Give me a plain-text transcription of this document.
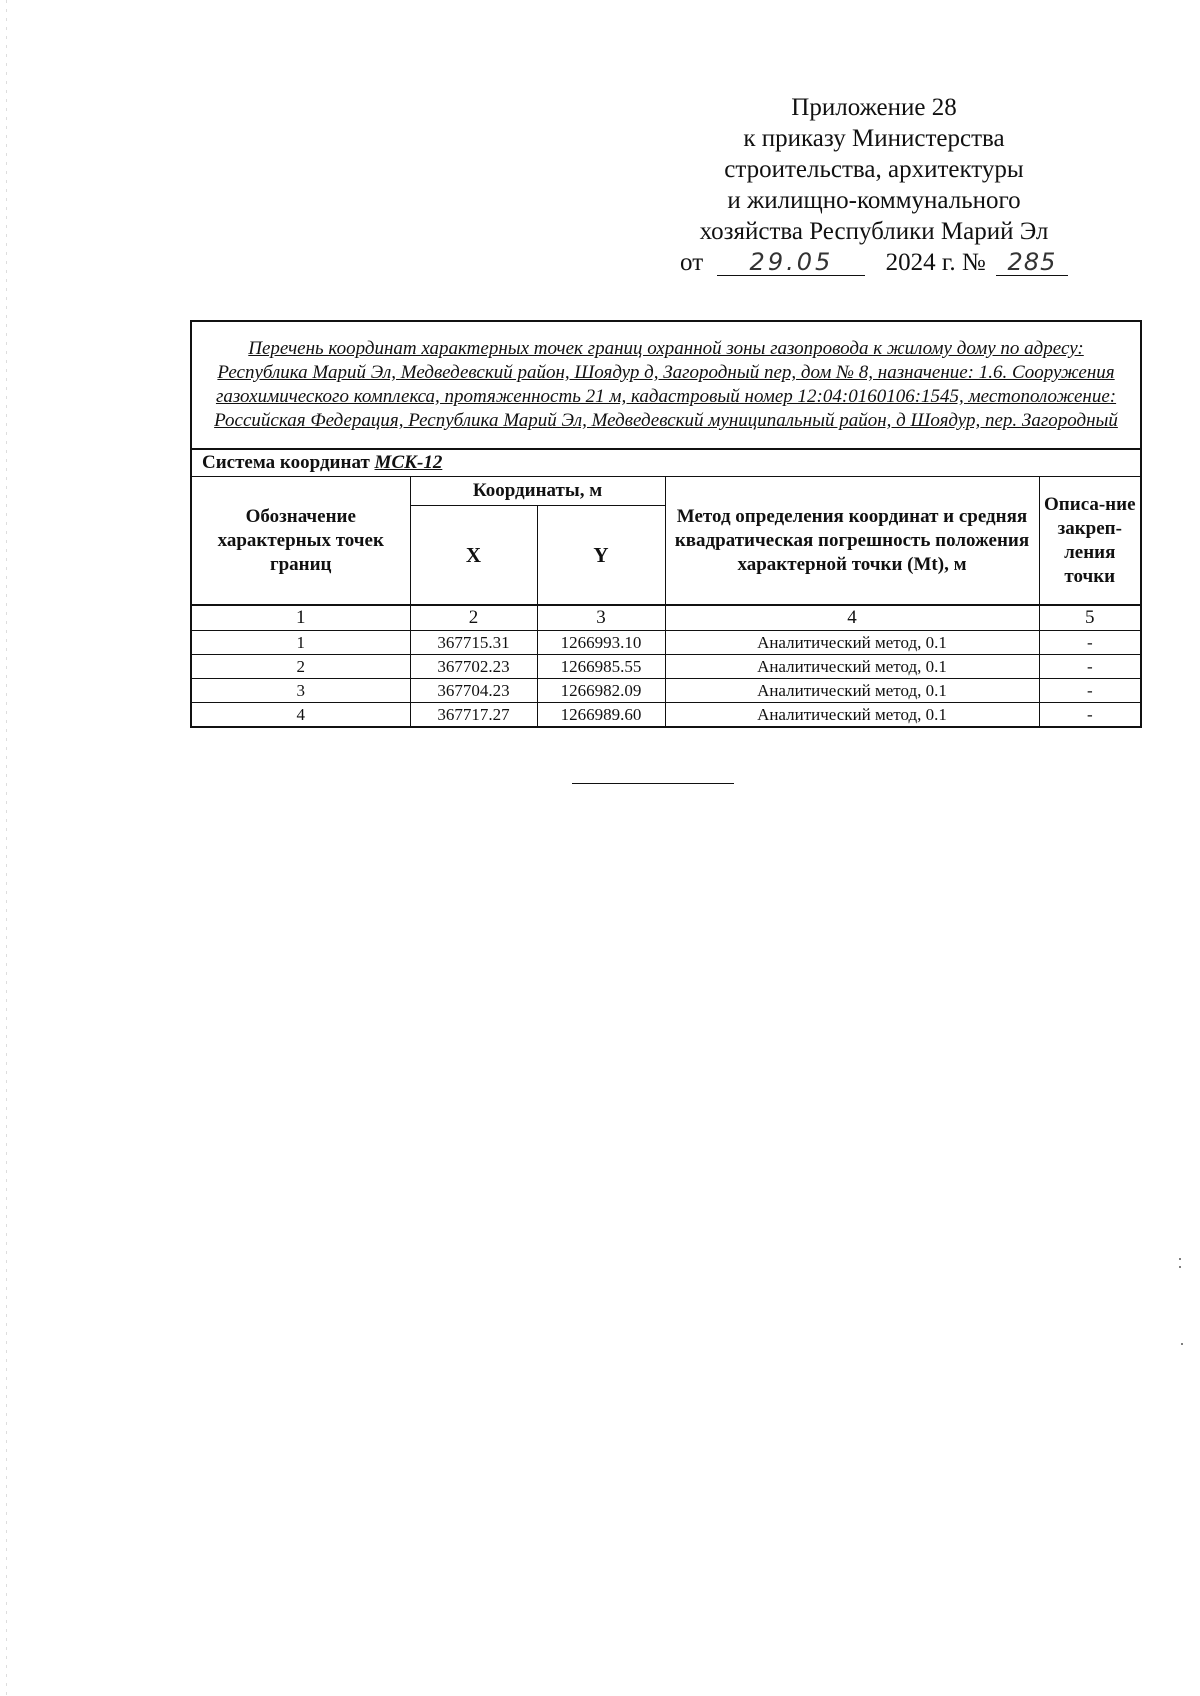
Приложение 28
к приказу Министерства
строительства, архитектуры
и жилищно-коммунального
хозяйства Республики Марий Эл
от 29.05 2024 г. № 285
Перечень координат характерных точек границ охранной зоны газопровода к жилому дому по адресу: Республика Марий Эл, Медведевский район, Шоядур д, Загородный пер, дом № 8, назначение: 1.6. Сооружения газохимического комплекса, протяженность 21 м, кадастровый номер 12:04:0160106:1545, местоположение: Российская Федерация, Республика Марий Эл, Медведевский муниципальный район, д Шоядур, пер. Загородный				
Система координат МСК-12				
Обозначение характерных точек границ	Координаты, м		Метод определения координат и средняя квадратическая погрешность положения характерной точки (Mt), м	Описа-ние закреп-ления точки
	X	Y		
1	2	3	4	5
1	367715.31	1266993.10	Аналитический метод, 0.1	-
2	367702.23	1266985.55	Аналитический метод, 0.1	-
3	367704.23	1266982.09	Аналитический метод, 0.1	-
4	367717.27	1266989.60	Аналитический метод, 0.1	-
